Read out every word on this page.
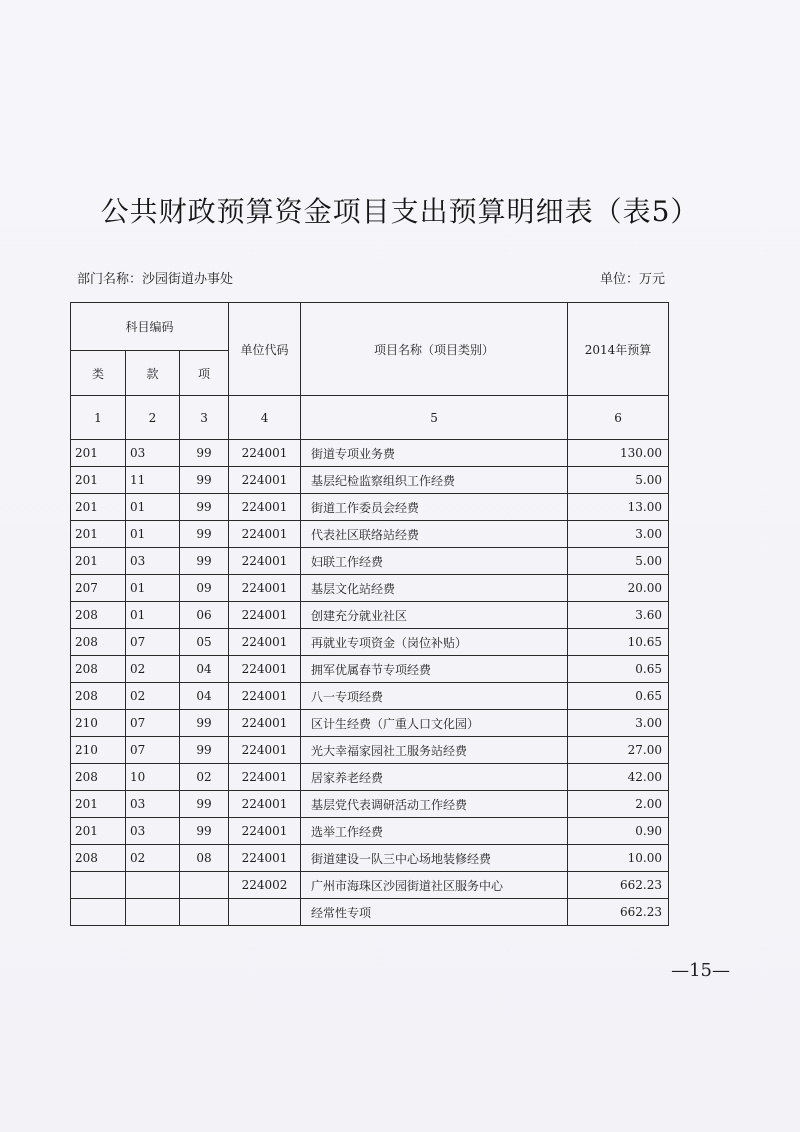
公共财政预算资金项目支出预算明细表（表5）
部门名称：沙园街道办事处	单位：万元
科目编码			单位代码	项目名称（项目类别）	2014年预算
类	款	项			
1	2	3	4	5	6
201	03	99	224001	街道专项业务费	130.00
201	11	99	224001	基层纪检监察组织工作经费	5.00
201	01	99	224001	街道工作委员会经费	13.00
201	01	99	224001	代表社区联络站经费	3.00
201	03	99	224001	妇联工作经费	5.00
207	01	09	224001	基层文化站经费	20.00
208	01	06	224001	创建充分就业社区	3.60
208	07	05	224001	再就业专项资金（岗位补贴）	10.65
208	02	04	224001	拥军优属春节专项经费	0.65
208	02	04	224001	八一专项经费	0.65
210	07	99	224001	区计生经费（广重人口文化园）	3.00
210	07	99	224001	光大幸福家园社工服务站经费	27.00
208	10	02	224001	居家养老经费	42.00
201	03	99	224001	基层党代表调研活动工作经费	2.00
201	03	99	224001	选举工作经费	0.90
208	02	08	224001	街道建设一队三中心场地装修经费	10.00
			224002	广州市海珠区沙园街道社区服务中心	662.23
				经常性专项	662.23
—15—
